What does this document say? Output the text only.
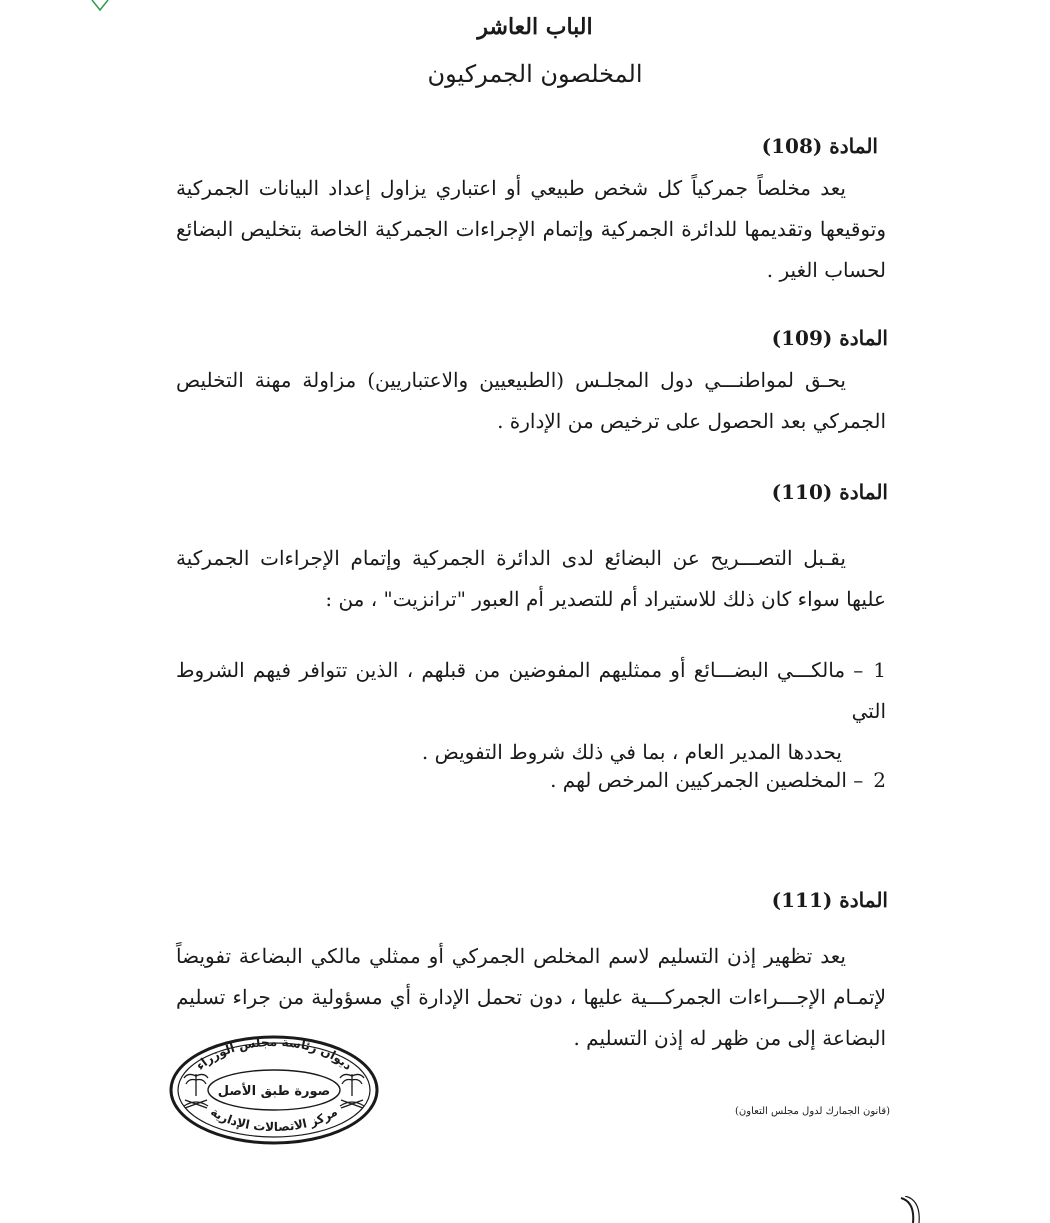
الباب العاشر
المخلصون الجمركيون
المادة (108)
يعد مخلصاً جمركياً كل شخص طبيعي أو اعتباري يزاول إعداد البيانات الجمركية
وتوقيعها وتقديمها للدائرة الجمركية وإتمام الإجراءات الجمركية الخاصة بتخليص البضائع
لحساب الغير .
المادة (109)
يحـق لمواطنـــي دول المجلـس (الطبيعيين والاعتباريين) مزاولة مهنة التخليص
الجمركي بعد الحصول على ترخيص من الإدارة .
المادة (110)
يقـبل التصـــريح عن البضائع لدى الدائرة الجمركية وإتمام الإجراءات الجمركية
عليها سواء كان ذلك للاستيراد أم للتصدير أم العبور "ترانزيت" ، من :
1– مالكـــي البضـــائع أو ممثليهم المفوضين من قبلهم ، الذين تتوافر فيهم الشروط التي
يحددها المدير العام ، بما في ذلك شروط التفويض .
2– المخلصين الجمركيين المرخص لهم .
المادة (111)
يعد تظهير إذن التسليم لاسم المخلص الجمركي أو ممثلي مالكي البضاعة تفويضاً
لإتمـام الإجـــراءات الجمركـــية عليها ، دون تحمل الإدارة أي مسؤولية من جراء تسليم
البضاعة إلى من ظهر له إذن التسليم .
ديوان رئاسة مجلس الوزراء
مركز الاتصالات الإدارية
صورة طبق الأصل
(قانون الجمارك لدول مجلس التعاون)
